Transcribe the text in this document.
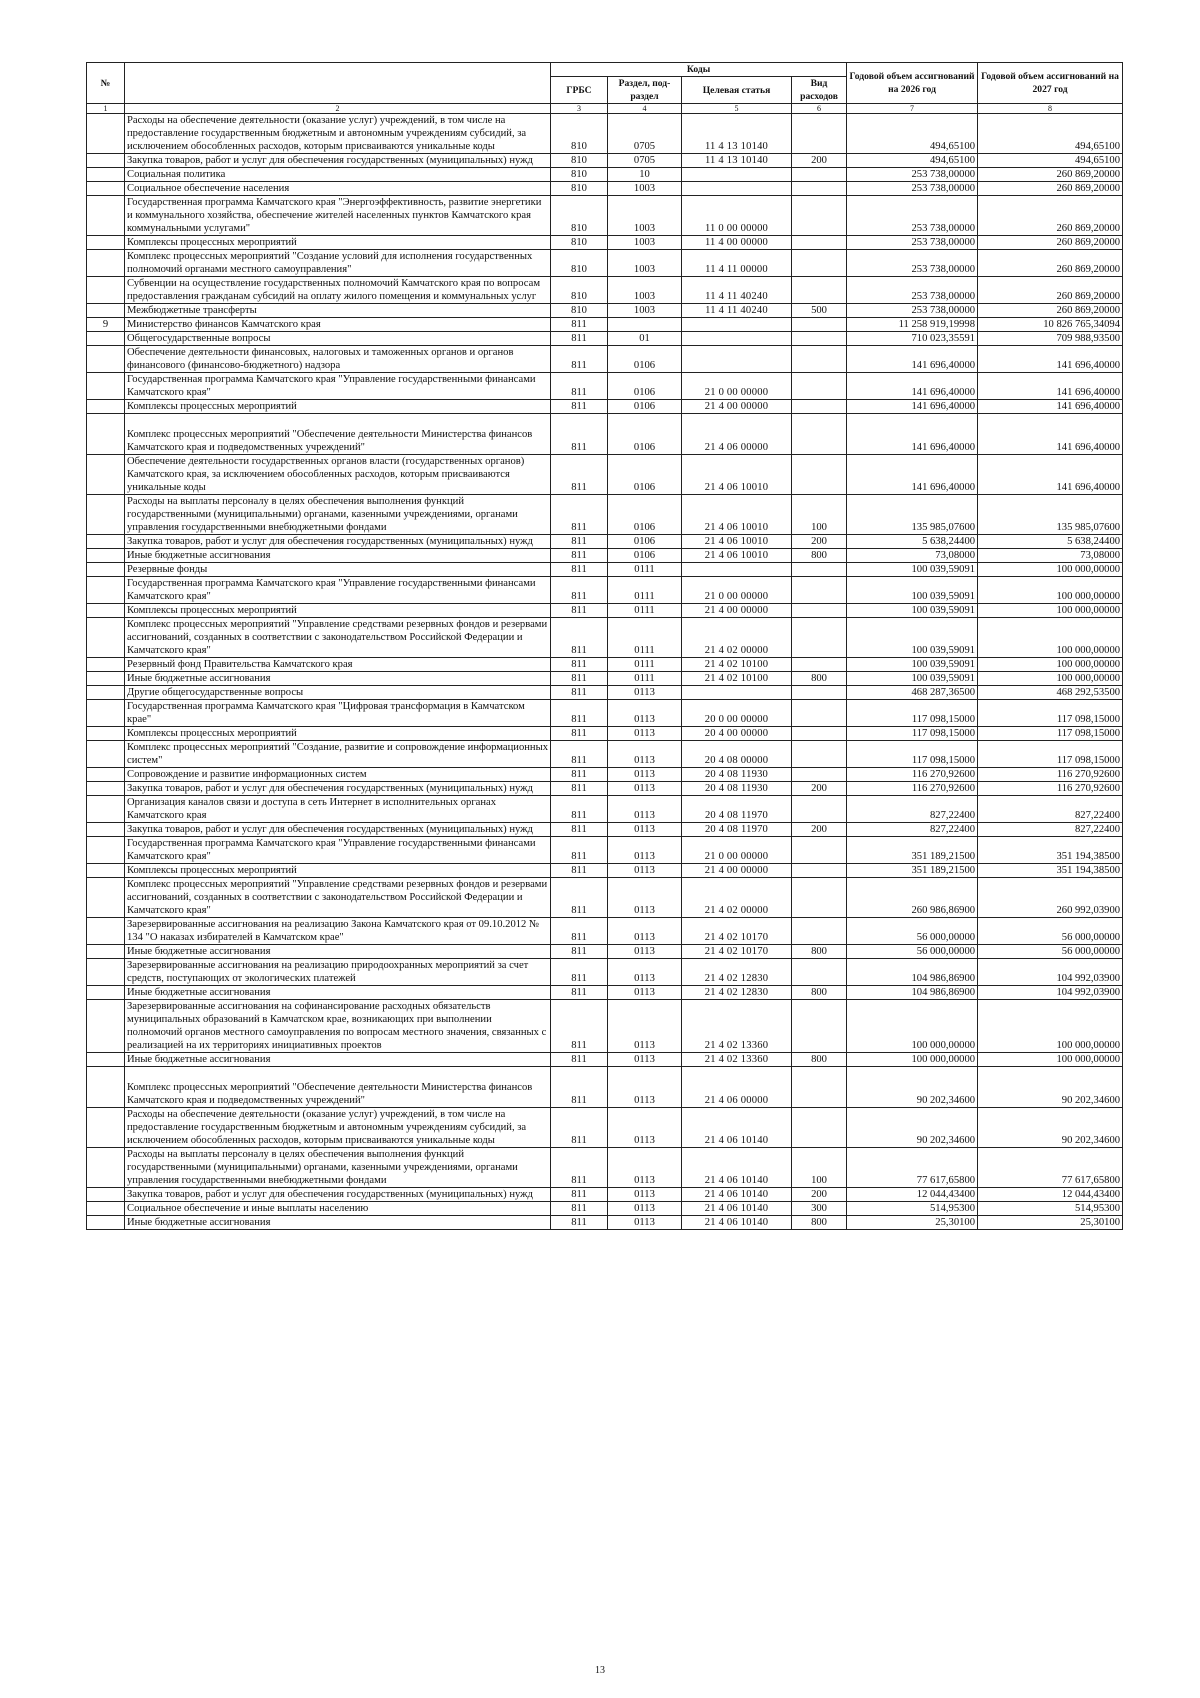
№		Коды				Годовой объем ассигнований на 2026 год	Годовой объем ассигнований на 2027 год
		ГРБС	Раздел, под-раздел	Целевая статья	Вид расходов		
1	2	3	4	5	6	7	8
	Расходы на обеспечение деятельности (оказание услуг) учреждений, в том числе на предоставление государственным бюджетным и автономным учреждениям субсидий, за исключением обособленных расходов, которым присваиваются уникальные коды	810	0705	11 4 13 10140		494,65100	494,65100
	Закупка товаров, работ и услуг для обеспечения государственных (муниципальных) нужд	810	0705	11 4 13 10140	200	494,65100	494,65100
	Социальная политика	810	10			253 738,00000	260 869,20000
	Социальное обеспечение населения	810	1003			253 738,00000	260 869,20000
	Государственная программа Камчатского края "Энергоэффективность, развитие энергетики и коммунального хозяйства, обеспечение жителей населенных пунктов Камчатского края коммунальными услугами"	810	1003	11 0 00 00000		253 738,00000	260 869,20000
	Комплексы процессных мероприятий	810	1003	11 4 00 00000		253 738,00000	260 869,20000
	Комплекс процессных мероприятий "Создание условий для исполнения государственных полномочий органами местного самоуправления"	810	1003	11 4 11 00000		253 738,00000	260 869,20000
	Субвенции на осуществление государственных полномочий Камчатского края по вопросам предоставления гражданам субсидий на оплату жилого помещения и коммунальных услуг	810	1003	11 4 11 40240		253 738,00000	260 869,20000
	Межбюджетные трансферты	810	1003	11 4 11 40240	500	253 738,00000	260 869,20000
9	Министерство финансов Камчатского края	811				11 258 919,19998	10 826 765,34094
	Общегосударственные вопросы	811	01			710 023,35591	709 988,93500
	Обеспечение деятельности финансовых, налоговых и таможенных органов и органов финансового (финансово-бюджетного) надзора	811	0106			141 696,40000	141 696,40000
	Государственная программа Камчатского края "Управление государственными финансами Камчатского края"	811	0106	21 0 00 00000		141 696,40000	141 696,40000
	Комплексы процессных мероприятий	811	0106	21 4 00 00000		141 696,40000	141 696,40000
	Комплекс процессных мероприятий "Обеспечение деятельности Министерства финансов Камчатского края и подведомственных учреждений"	811	0106	21 4 06 00000		141 696,40000	141 696,40000
	Обеспечение деятельности государственных органов власти (государственных органов) Камчатского края, за исключением обособленных расходов, которым присваиваются уникальные коды	811	0106	21 4 06 10010		141 696,40000	141 696,40000
	Расходы на выплаты персоналу в целях обеспечения выполнения функций государственными (муниципальными) органами, казенными учреждениями, органами управления государственными внебюджетными фондами	811	0106	21 4 06 10010	100	135 985,07600	135 985,07600
	Закупка товаров, работ и услуг для обеспечения государственных (муниципальных) нужд	811	0106	21 4 06 10010	200	5 638,24400	5 638,24400
	Иные бюджетные ассигнования	811	0106	21 4 06 10010	800	73,08000	73,08000
	Резервные фонды	811	0111			100 039,59091	100 000,00000
	Государственная программа Камчатского края "Управление государственными финансами Камчатского края"	811	0111	21 0 00 00000		100 039,59091	100 000,00000
	Комплексы процессных мероприятий	811	0111	21 4 00 00000		100 039,59091	100 000,00000
	Комплекс процессных мероприятий "Управление средствами резервных фондов и резервами ассигнований, созданных в соответствии с законодательством Российской Федерации и Камчатского края"	811	0111	21 4 02 00000		100 039,59091	100 000,00000
	Резервный фонд Правительства Камчатского края	811	0111	21 4 02 10100		100 039,59091	100 000,00000
	Иные бюджетные ассигнования	811	0111	21 4 02 10100	800	100 039,59091	100 000,00000
	Другие общегосударственные вопросы	811	0113			468 287,36500	468 292,53500
	Государственная программа Камчатского края "Цифровая трансформация в Камчатском крае"	811	0113	20 0 00 00000		117 098,15000	117 098,15000
	Комплексы процессных мероприятий	811	0113	20 4 00 00000		117 098,15000	117 098,15000
	Комплекс процессных мероприятий "Создание, развитие и сопровождение информационных систем"	811	0113	20 4 08 00000		117 098,15000	117 098,15000
	Сопровождение и развитие информационных систем	811	0113	20 4 08 11930		116 270,92600	116 270,92600
	Закупка товаров, работ и услуг для обеспечения государственных (муниципальных) нужд	811	0113	20 4 08 11930	200	116 270,92600	116 270,92600
	Организация каналов связи и доступа в сеть Интернет в исполнительных органах Камчатского края	811	0113	20 4 08 11970		827,22400	827,22400
	Закупка товаров, работ и услуг для обеспечения государственных (муниципальных) нужд	811	0113	20 4 08 11970	200	827,22400	827,22400
	Государственная программа Камчатского края "Управление государственными финансами Камчатского края"	811	0113	21 0 00 00000		351 189,21500	351 194,38500
	Комплексы процессных мероприятий	811	0113	21 4 00 00000		351 189,21500	351 194,38500
	Комплекс процессных мероприятий "Управление средствами резервных фондов и резервами ассигнований, созданных в соответствии с законодательством Российской Федерации и Камчатского края"	811	0113	21 4 02 00000		260 986,86900	260 992,03900
	Зарезервированные ассигнования на реализацию Закона Камчатского края от 09.10.2012 № 134 "О наказах избирателей в Камчатском крае"	811	0113	21 4 02 10170		56 000,00000	56 000,00000
	Иные бюджетные ассигнования	811	0113	21 4 02 10170	800	56 000,00000	56 000,00000
	Зарезервированные ассигнования на реализацию природоохранных мероприятий за счет средств, поступающих от экологических платежей	811	0113	21 4 02 12830		104 986,86900	104 992,03900
	Иные бюджетные ассигнования	811	0113	21 4 02 12830	800	104 986,86900	104 992,03900
	Зарезервированные ассигнования на софинансирование расходных обязательств муниципальных образований в Камчатском крае, возникающих при выполнении полномочий органов местного самоуправления по вопросам местного значения, связанных с реализацией на их территориях инициативных проектов	811	0113	21 4 02 13360		100 000,00000	100 000,00000
	Иные бюджетные ассигнования	811	0113	21 4 02 13360	800	100 000,00000	100 000,00000
	Комплекс процессных мероприятий "Обеспечение деятельности Министерства финансов Камчатского края и подведомственных учреждений"	811	0113	21 4 06 00000		90 202,34600	90 202,34600
	Расходы на обеспечение деятельности (оказание услуг) учреждений, в том числе на предоставление государственным бюджетным и автономным учреждениям субсидий, за исключением обособленных расходов, которым присваиваются уникальные коды	811	0113	21 4 06 10140		90 202,34600	90 202,34600
	Расходы на выплаты персоналу в целях обеспечения выполнения функций государственными (муниципальными) органами, казенными учреждениями, органами управления государственными внебюджетными фондами	811	0113	21 4 06 10140	100	77 617,65800	77 617,65800
	Закупка товаров, работ и услуг для обеспечения государственных (муниципальных) нужд	811	0113	21 4 06 10140	200	12 044,43400	12 044,43400
	Социальное обеспечение и иные выплаты населению	811	0113	21 4 06 10140	300	514,95300	514,95300
	Иные бюджетные ассигнования	811	0113	21 4 06 10140	800	25,30100	25,30100
13
